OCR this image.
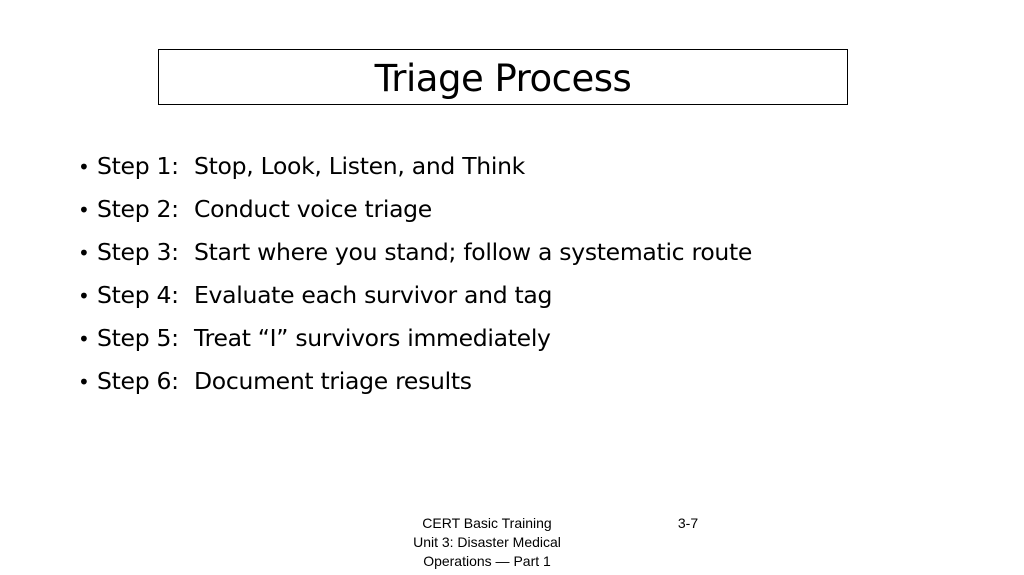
Triage Process
• Step 1: Stop, Look, Listen, and Think
• Step 2: Conduct voice triage
• Step 3: Start where you stand; follow a systematic route
• Step 4: Evaluate each survivor and tag
• Step 5: Treat “I” survivors immediately
• Step 6: Document triage results
CERT Basic Training
Unit 3: Disaster Medical
Operations — Part 1
3-7
